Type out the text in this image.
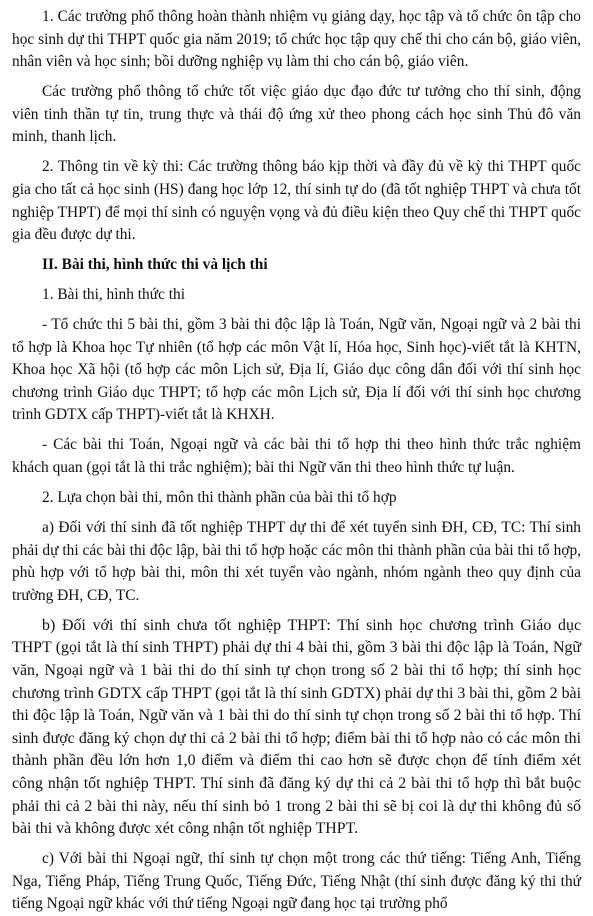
1. Các trường phổ thông hoàn thành nhiệm vụ giảng dạy, học tập và tổ chức ôn tập cho học sinh dự thi THPT quốc gia năm 2019; tổ chức học tập quy chế thi cho cán bộ, giáo viên, nhân viên và học sinh; bồi dưỡng nghiệp vụ làm thi cho cán bộ, giáo viên.

Các trường phổ thông tổ chức tốt việc giáo dục đạo đức tư tưởng cho thí sinh, động viên tinh thần tự tin, trung thực và thái độ ứng xử theo phong cách học sinh Thủ đô văn minh, thanh lịch.

2. Thông tin về kỳ thi: Các trường thông báo kịp thời và đầy đủ về kỳ thi THPT quốc gia cho tất cả học sinh (HS) đang học lớp 12, thí sinh tự do (đã tốt nghiệp THPT và chưa tốt nghiệp THPT) để mọi thí sinh có nguyện vọng và đủ điều kiện theo Quy chế thi THPT quốc gia đều được dự thi.

II. Bài thi, hình thức thi và lịch thi

1. Bài thi, hình thức thi

- Tổ chức thi 5 bài thi, gồm 3 bài thi độc lập là Toán, Ngữ văn, Ngoại ngữ và 2 bài thi tổ hợp là Khoa học Tự nhiên (tổ hợp các môn Vật lí, Hóa học, Sinh học)-viết tắt là KHTN, Khoa học Xã hội (tổ hợp các môn Lịch sử, Địa lí, Giáo dục công dân đối với thí sinh học chương trình Giáo dục THPT; tổ hợp các môn Lịch sử, Địa lí đối với thí sinh học chương trình GDTX cấp THPT)-viết tắt là KHXH.

- Các bài thi Toán, Ngoại ngữ và các bài thi tổ hợp thi theo hình thức trắc nghiệm khách quan (gọi tắt là thi trắc nghiệm); bài thi Ngữ văn thi theo hình thức tự luận.

2. Lựa chọn bài thi, môn thi thành phần của bài thi tổ hợp

a) Đối với thí sinh đã tốt nghiệp THPT dự thi để xét tuyển sinh ĐH, CĐ, TC: Thí sinh phải dự thi các bài thi độc lập, bài thi tổ hợp hoặc các môn thi thành phần của bài thi tổ hợp, phù hợp với tổ hợp bài thi, môn thi xét tuyển vào ngành, nhóm ngành theo quy định của trường ĐH, CĐ, TC.

b) Đối với thí sinh chưa tốt nghiệp THPT: Thí sinh học chương trình Giáo dục THPT (gọi tắt là thí sinh THPT) phải dự thi 4 bài thi, gồm 3 bài thi độc lập là Toán, Ngữ văn, Ngoại ngữ và 1 bài thi do thí sinh tự chọn trong số 2 bài thi tổ hợp; thí sinh học chương trình GDTX cấp THPT (gọi tắt là thí sinh GDTX) phải dự thi 3 bài thi, gồm 2 bài thi độc lập là Toán, Ngữ văn và 1 bài thi do thí sinh tự chọn trong số 2 bài thi tổ hợp. Thí sinh được đăng ký chọn dự thi cả 2 bài thi tổ hợp; điểm bài thi tổ hợp nào có các môn thi thành phần đều lớn hơn 1,0 điểm và điểm thi cao hơn sẽ được chọn để tính điểm xét công nhận tốt nghiệp THPT. Thí sinh đã đăng ký dự thi cả 2 bài thi tổ hợp thì bắt buộc phải thi cả 2 bài thi này, nếu thí sinh bỏ 1 trong 2 bài thi sẽ bị coi là dự thi không đủ số bài thi và không được xét công nhận tốt nghiệp THPT.

c) Với bài thi Ngoại ngữ, thí sinh tự chọn một trong các thứ tiếng: Tiếng Anh, Tiếng Nga, Tiếng Pháp, Tiếng Trung Quốc, Tiếng Đức, Tiếng Nhật (thí sinh được đăng ký thi thứ tiếng Ngoại ngữ khác với thứ tiếng Ngoại ngữ đang học tại trường phổ
